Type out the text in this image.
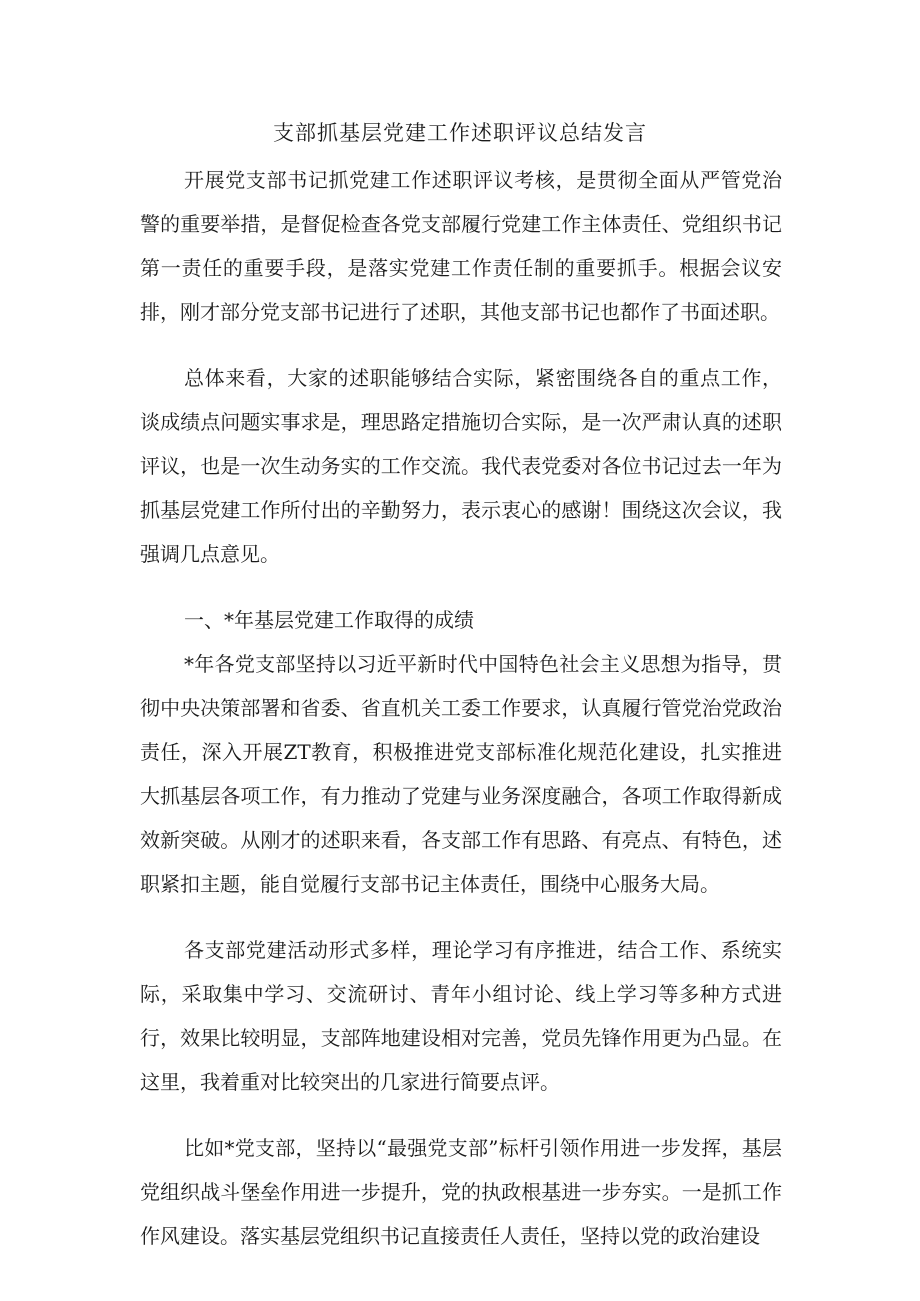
支部抓基层党建工作述职评议总结发言

开展党支部书记抓党建工作述职评议考核，是贯彻全面从严管党治警的重要举措，是督促检查各党支部履行党建工作主体责任、党组织书记第一责任的重要手段，是落实党建工作责任制的重要抓手。根据会议安排，刚才部分党支部书记进行了述职，其他支部书记也都作了书面述职。

总体来看，大家的述职能够结合实际，紧密围绕各自的重点工作，谈成绩点问题实事求是，理思路定措施切合实际，是一次严肃认真的述职评议，也是一次生动务实的工作交流。我代表党委对各位书记过去一年为抓基层党建工作所付出的辛勤努力，表示衷心的感谢！围绕这次会议，我强调几点意见。

一、*年基层党建工作取得的成绩

*年各党支部坚持以习近平新时代中国特色社会主义思想为指导，贯彻中央决策部署和省委、省直机关工委工作要求，认真履行管党治党政治责任，深入开展ZT教育，积极推进党支部标准化规范化建设，扎实推进大抓基层各项工作，有力推动了党建与业务深度融合，各项工作取得新成效新突破。从刚才的述职来看，各支部工作有思路、有亮点、有特色，述职紧扣主题，能自觉履行支部书记主体责任，围绕中心服务大局。

各支部党建活动形式多样，理论学习有序推进，结合工作、系统实际，采取集中学习、交流研讨、青年小组讨论、线上学习等多种方式进行，效果比较明显，支部阵地建设相对完善，党员先锋作用更为凸显。在这里，我着重对比较突出的几家进行简要点评。

比如*党支部，坚持以“最强党支部”标杆引领作用进一步发挥，基层党组织战斗堡垒作用进一步提升，党的执政根基进一步夯实。一是抓工作作风建设。落实基层党组织书记直接责任人责任，坚持以党的政治建设
